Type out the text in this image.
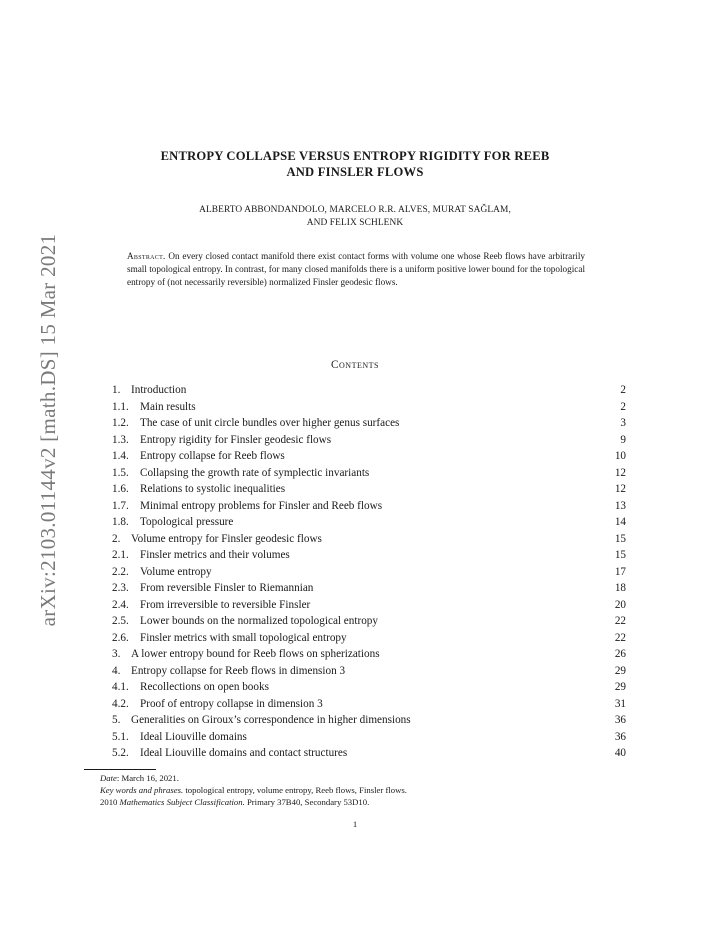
arXiv:2103.01144v2 [math.DS] 15 Mar 2021
ENTROPY COLLAPSE VERSUS ENTROPY RIGIDITY FOR REEB
AND FINSLER FLOWS
ALBERTO ABBONDANDOLO, MARCELO R.R. ALVES, MURAT SAĞLAM,
AND FELIX SCHLENK
Abstract. On every closed contact manifold there exist contact forms with volume one whose Reeb flows have arbitrarily small topological entropy. In contrast, for many closed manifolds there is a uniform positive lower bound for the topological entropy of (not necessarily reversible) normalized Finsler geodesic flows.
Contents
1. Introduction	2
1.1. Main results	2
1.2. The case of unit circle bundles over higher genus surfaces	3
1.3. Entropy rigidity for Finsler geodesic flows	9
1.4. Entropy collapse for Reeb flows	10
1.5. Collapsing the growth rate of symplectic invariants	12
1.6. Relations to systolic inequalities	12
1.7. Minimal entropy problems for Finsler and Reeb flows	13
1.8. Topological pressure	14
2. Volume entropy for Finsler geodesic flows	15
2.1. Finsler metrics and their volumes	15
2.2. Volume entropy	17
2.3. From reversible Finsler to Riemannian	18
2.4. From irreversible to reversible Finsler	20
2.5. Lower bounds on the normalized topological entropy	22
2.6. Finsler metrics with small topological entropy	22
3. A lower entropy bound for Reeb flows on spherizations	26
4. Entropy collapse for Reeb flows in dimension 3	29
4.1. Recollections on open books	29
4.2. Proof of entropy collapse in dimension 3	31
5. Generalities on Giroux’s correspondence in higher dimensions	36
5.1. Ideal Liouville domains	36
5.2. Ideal Liouville domains and contact structures	40
Date: March 16, 2021.
Key words and phrases. topological entropy, volume entropy, Reeb flows, Finsler flows.
2010 Mathematics Subject Classification. Primary 37B40, Secondary 53D10.
1
